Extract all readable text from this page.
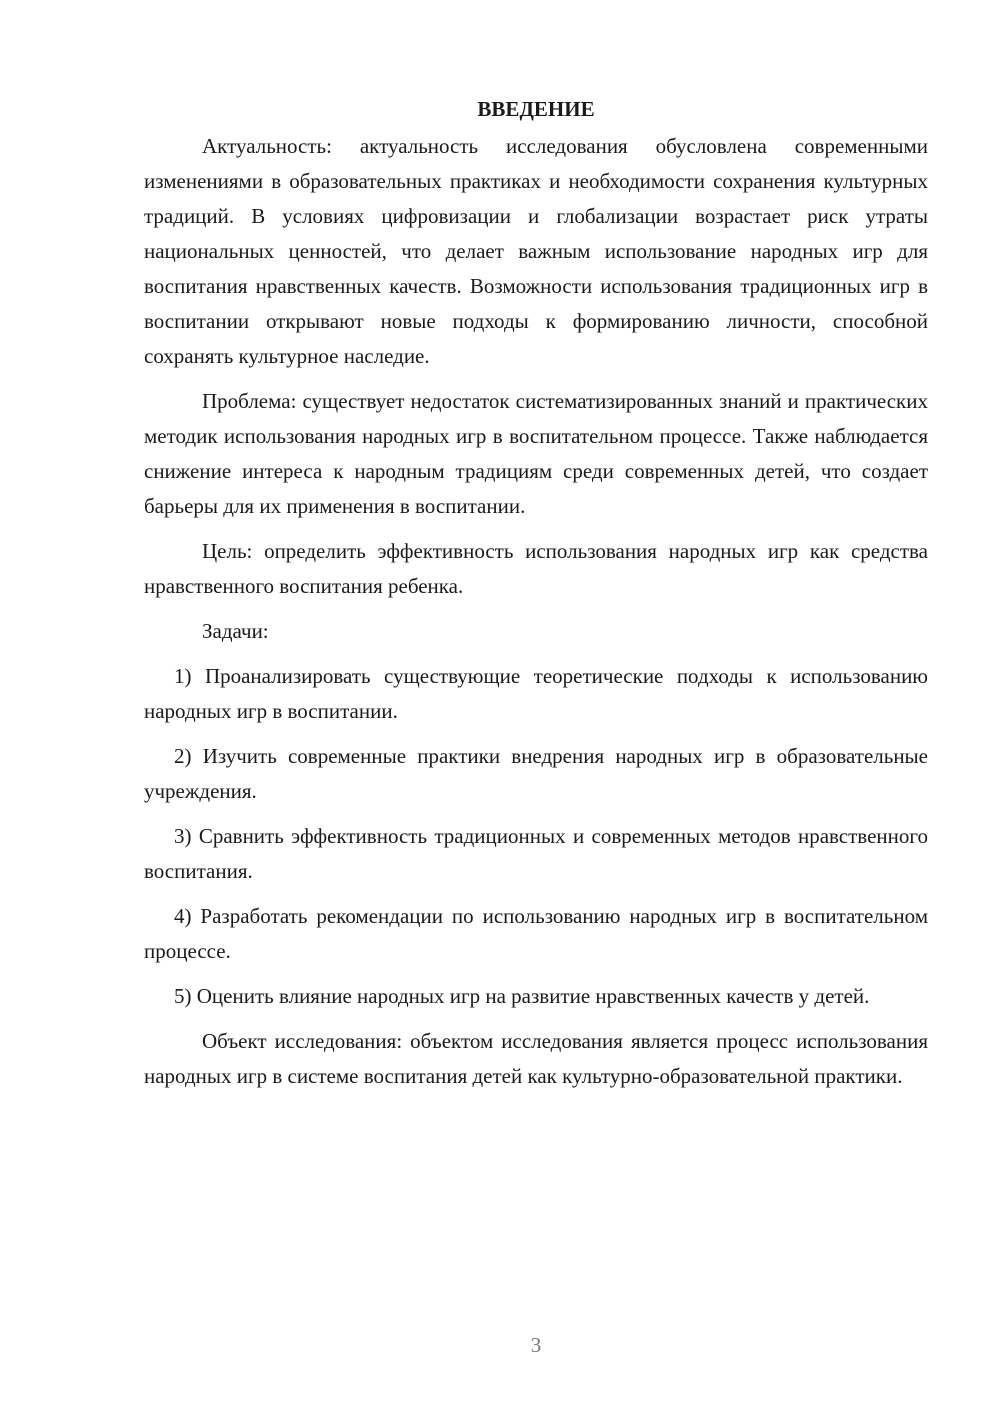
ВВЕДЕНИЕ

Актуальность: актуальность исследования обусловлена современными изменениями в образовательных практиках и необходимости сохранения культурных традиций. В условиях цифровизации и глобализации возрастает риск утраты национальных ценностей, что делает важным использование народных игр для воспитания нравственных качеств. Возможности использования традиционных игр в воспитании открывают новые подходы к формированию личности, способной сохранять культурное наследие.

Проблема: существует недостаток систематизированных знаний и практических методик использования народных игр в воспитательном процессе. Также наблюдается снижение интереса к народным традициям среди современных детей, что создает барьеры для их применения в воспитании.

Цель: определить эффективность использования народных игр как средства нравственного воспитания ребенка.

Задачи:

1) Проанализировать существующие теоретические подходы к использованию народных игр в воспитании.

2) Изучить современные практики внедрения народных игр в образовательные учреждения.

3) Сравнить эффективность традиционных и современных методов нравственного воспитания.

4) Разработать рекомендации по использованию народных игр в воспитательном процессе.

5) Оценить влияние народных игр на развитие нравственных качеств у детей.

Объект исследования: объектом исследования является процесс использования народных игр в системе воспитания детей как культурно-образовательной практики.

3
